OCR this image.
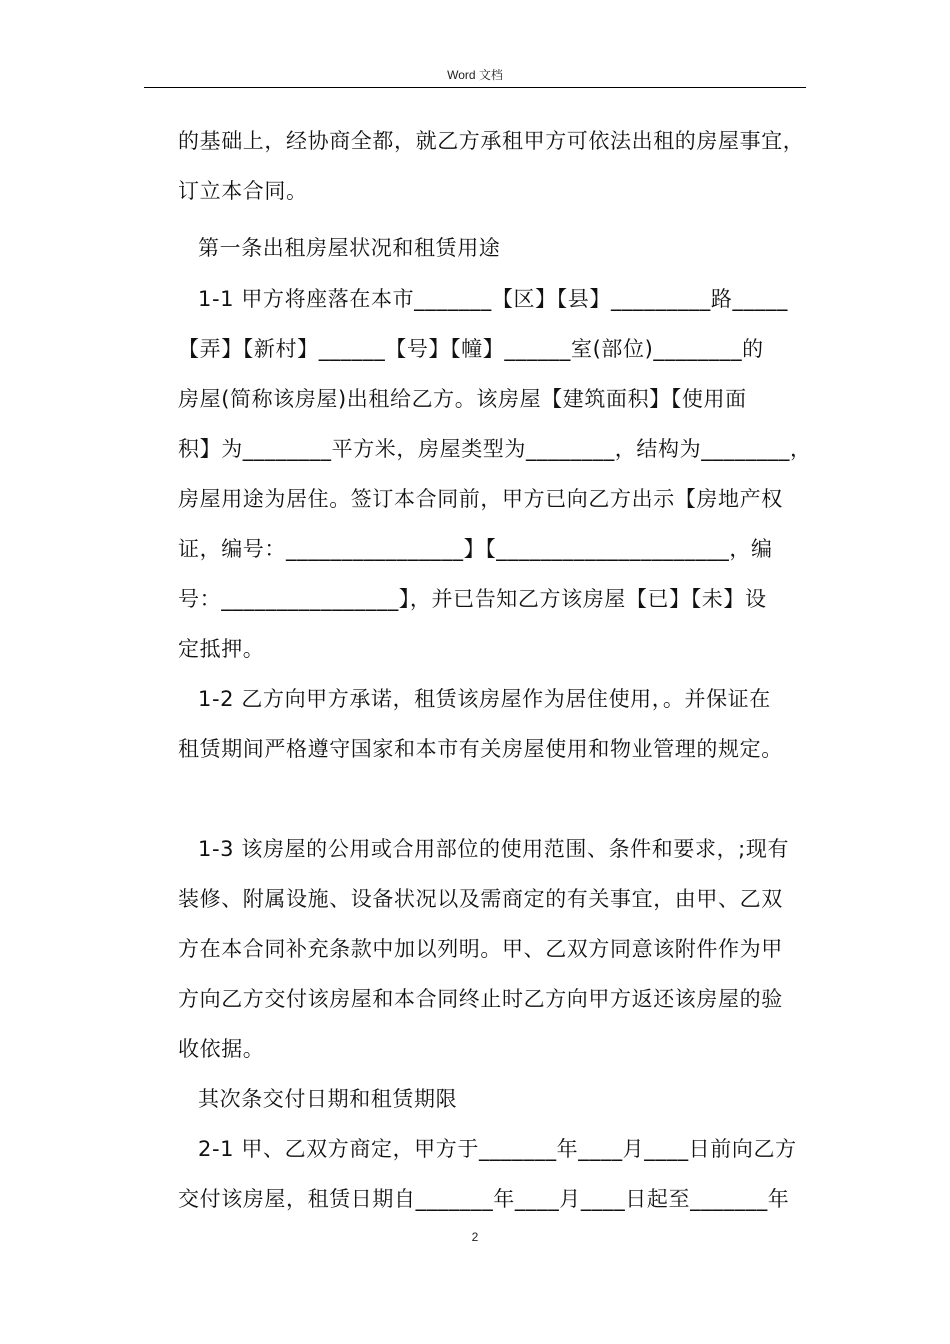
Word 文档
的基础上，经协商全都，就乙方承租甲方可依法出租的房屋事宜，
订立本合同。
第一条出租房屋状况和租赁用途
1-1 甲方将座落在本市_______【区】【县】_________路_____
【弄】【新村】______【号】【幢】______室(部位)________的
房屋(简称该房屋)出租给乙方。该房屋【建筑面积】【使用面
积】为________平方米，房屋类型为________，结构为________，
房屋用途为居住。签订本合同前，甲方已向乙方出示【房地产权
证，编号：________________】【_____________________，编
号：________________】，并已告知乙方该房屋【已】【未】设
定抵押。
1-2 乙方向甲方承诺，租赁该房屋作为居住使用，。并保证在
租赁期间严格遵守国家和本市有关房屋使用和物业管理的规定。
1-3 该房屋的公用或合用部位的使用范围、条件和要求，;现有
装修、附属设施、设备状况以及需商定的有关事宜，由甲、乙双
方在本合同补充条款中加以列明。甲、乙双方同意该附件作为甲
方向乙方交付该房屋和本合同终止时乙方向甲方返还该房屋的验
收依据。
其次条交付日期和租赁期限
2-1 甲、乙双方商定，甲方于_______年____月____日前向乙方
交付该房屋，租赁日期自_______年____月____日起至_______年
2
